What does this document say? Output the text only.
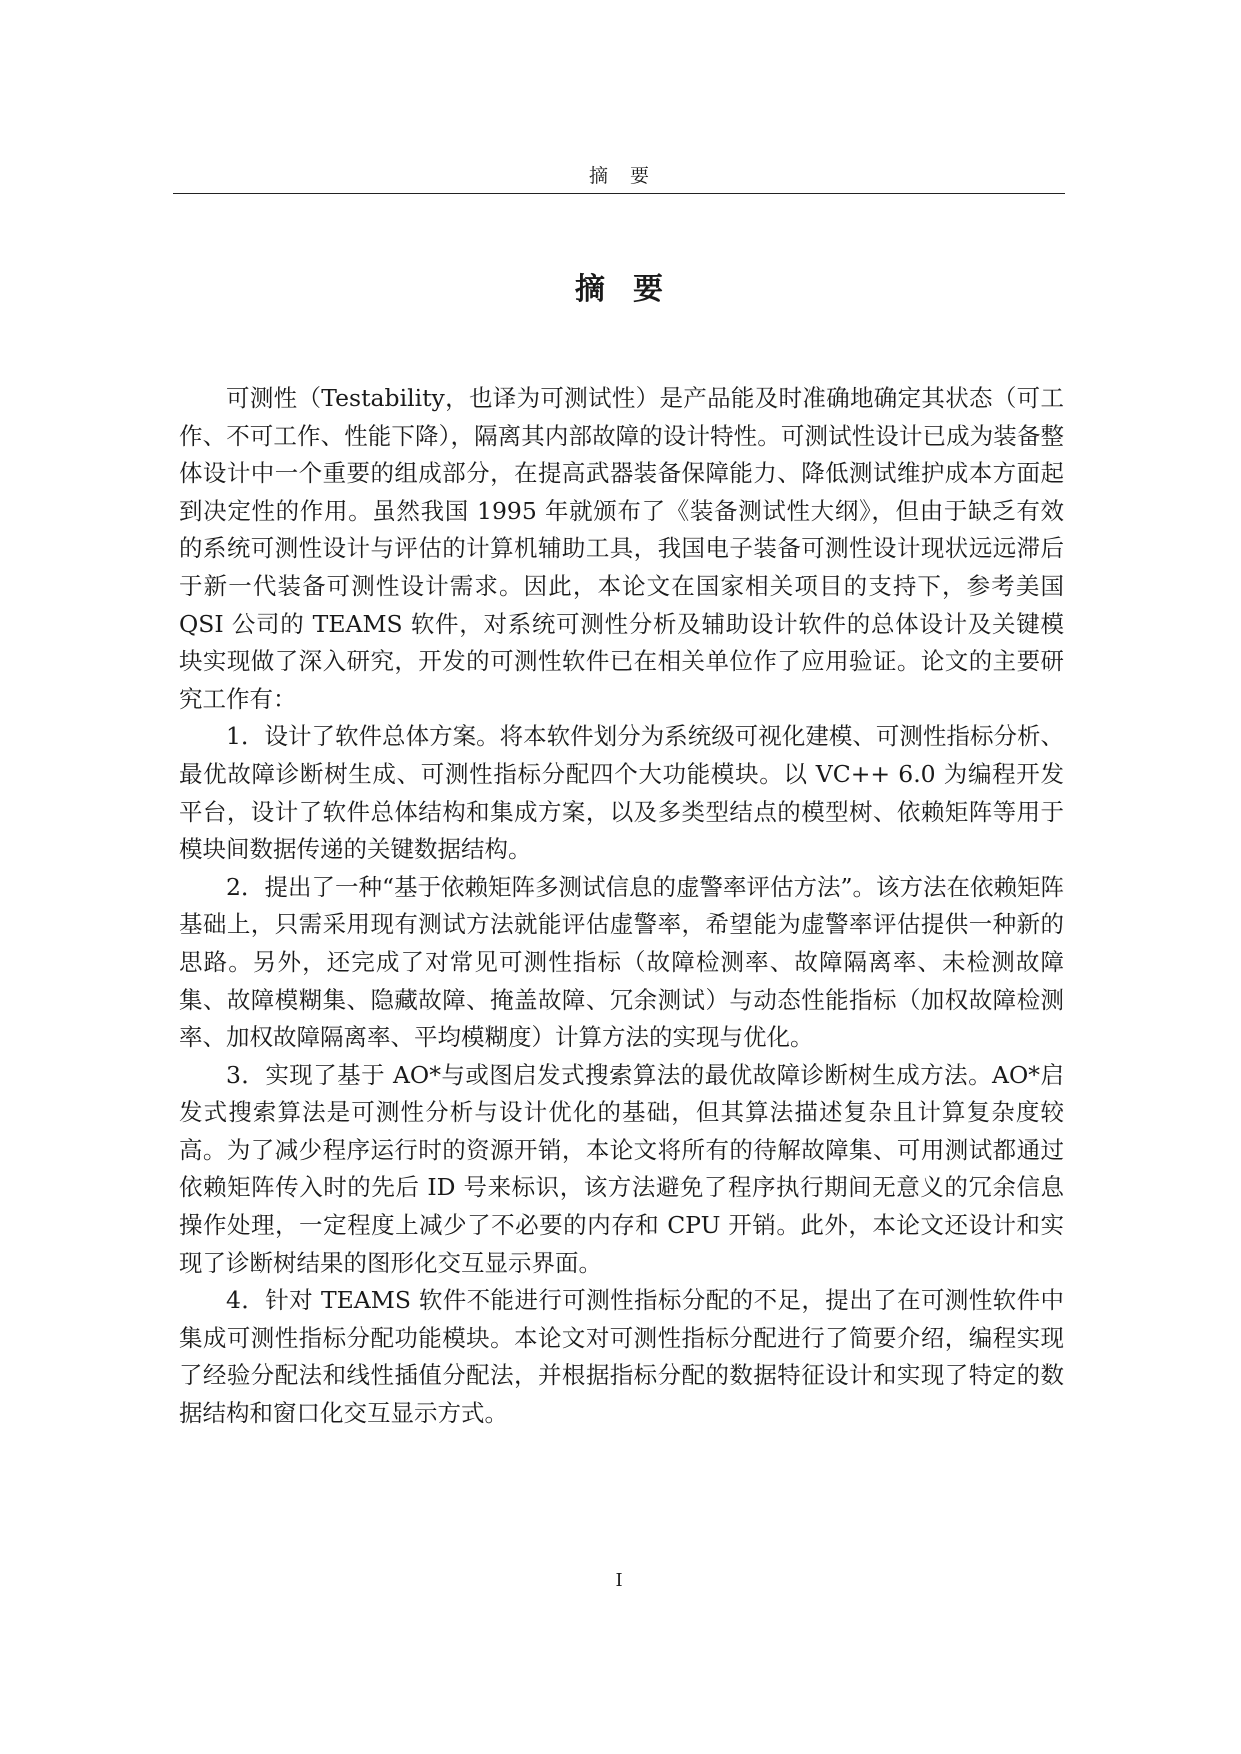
摘要
摘要

可测性（Testability，也译为可测试性）是产品能及时准确地确定其状态（可工作、不可工作、性能下降），隔离其内部故障的设计特性。可测试性设计已成为装备整体设计中一个重要的组成部分，在提高武器装备保障能力、降低测试维护成本方面起到决定性的作用。虽然我国 1995 年就颁布了《装备测试性大纲》，但由于缺乏有效的系统可测性设计与评估的计算机辅助工具，我国电子装备可测性设计现状远远滞后于新一代装备可测性设计需求。因此，本论文在国家相关项目的支持下，参考美国 QSI 公司的 TEAMS 软件，对系统可测性分析及辅助设计软件的总体设计及关键模块实现做了深入研究，开发的可测性软件已在相关单位作了应用验证。论文的主要研究工作有：

1．设计了软件总体方案。将本软件划分为系统级可视化建模、可测性指标分析、最优故障诊断树生成、可测性指标分配四个大功能模块。以 VC++ 6.0 为编程开发平台，设计了软件总体结构和集成方案，以及多类型结点的模型树、依赖矩阵等用于模块间数据传递的关键数据结构。

2．提出了一种“基于依赖矩阵多测试信息的虚警率评估方法”。该方法在依赖矩阵基础上，只需采用现有测试方法就能评估虚警率，希望能为虚警率评估提供一种新的思路。另外，还完成了对常见可测性指标（故障检测率、故障隔离率、未检测故障集、故障模糊集、隐藏故障、掩盖故障、冗余测试）与动态性能指标（加权故障检测率、加权故障隔离率、平均模糊度）计算方法的实现与优化。

3．实现了基于 AO*与或图启发式搜索算法的最优故障诊断树生成方法。AO*启发式搜索算法是可测性分析与设计优化的基础，但其算法描述复杂且计算复杂度较高。为了减少程序运行时的资源开销，本论文将所有的待解故障集、可用测试都通过依赖矩阵传入时的先后 ID 号来标识，该方法避免了程序执行期间无意义的冗余信息操作处理，一定程度上减少了不必要的内存和 CPU 开销。此外，本论文还设计和实现了诊断树结果的图形化交互显示界面。

4．针对 TEAMS 软件不能进行可测性指标分配的不足，提出了在可测性软件中集成可测性指标分配功能模块。本论文对可测性指标分配进行了简要介绍，编程实现了经验分配法和线性插值分配法，并根据指标分配的数据特征设计和实现了特定的数据结构和窗口化交互显示方式。

I
